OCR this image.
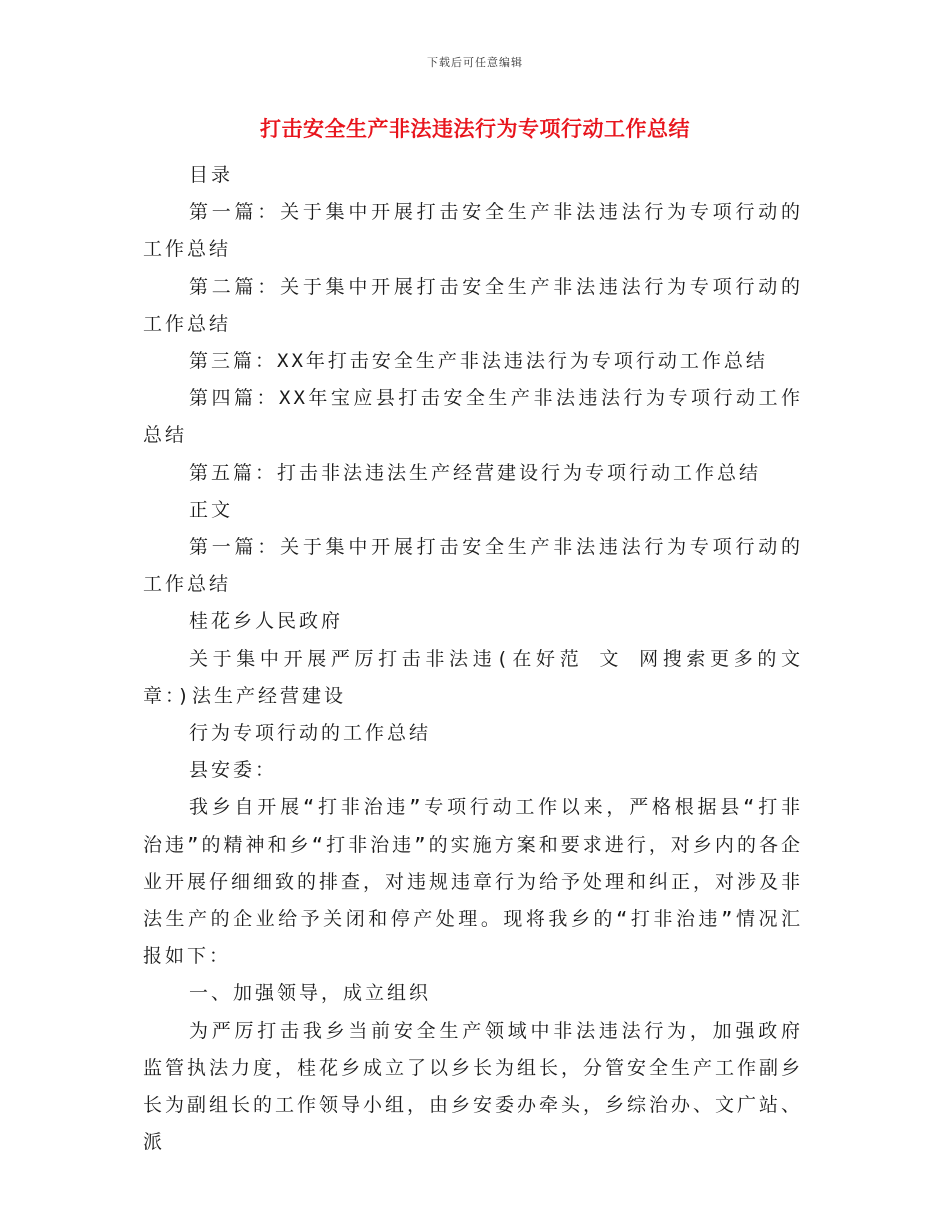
下载后可任意编辑
打击安全生产非法违法行为专项行动工作总结

目录

第一篇：关于集中开展打击安全生产非法违法行为专项行动的工作总结

第二篇：关于集中开展打击安全生产非法违法行为专项行动的工作总结

第三篇：XX年打击安全生产非法违法行为专项行动工作总结

第四篇：XX年宝应县打击安全生产非法违法行为专项行动工作总结

第五篇：打击非法违法生产经营建设行为专项行动工作总结

正文

第一篇：关于集中开展打击安全生产非法违法行为专项行动的工作总结

桂花乡人民政府

关于集中开展严厉打击非法违(在好范 文 网搜索更多的文章：)法生产经营建设

行为专项行动的工作总结

县安委：

我乡自开展“打非治违”专项行动工作以来，严格根据县“打非治违”的精神和乡“打非治违”的实施方案和要求进行，对乡内的各企业开展仔细细致的排查，对违规违章行为给予处理和纠正，对涉及非法生产的企业给予关闭和停产处理。现将我乡的“打非治违”情况汇报如下：

一、加强领导，成立组织

为严厉打击我乡当前安全生产领域中非法违法行为，加强政府监管执法力度，桂花乡成立了以乡长为组长，分管安全生产工作副乡长为副组长的工作领导小组，由乡安委办牵头，乡综治办、文广站、派
